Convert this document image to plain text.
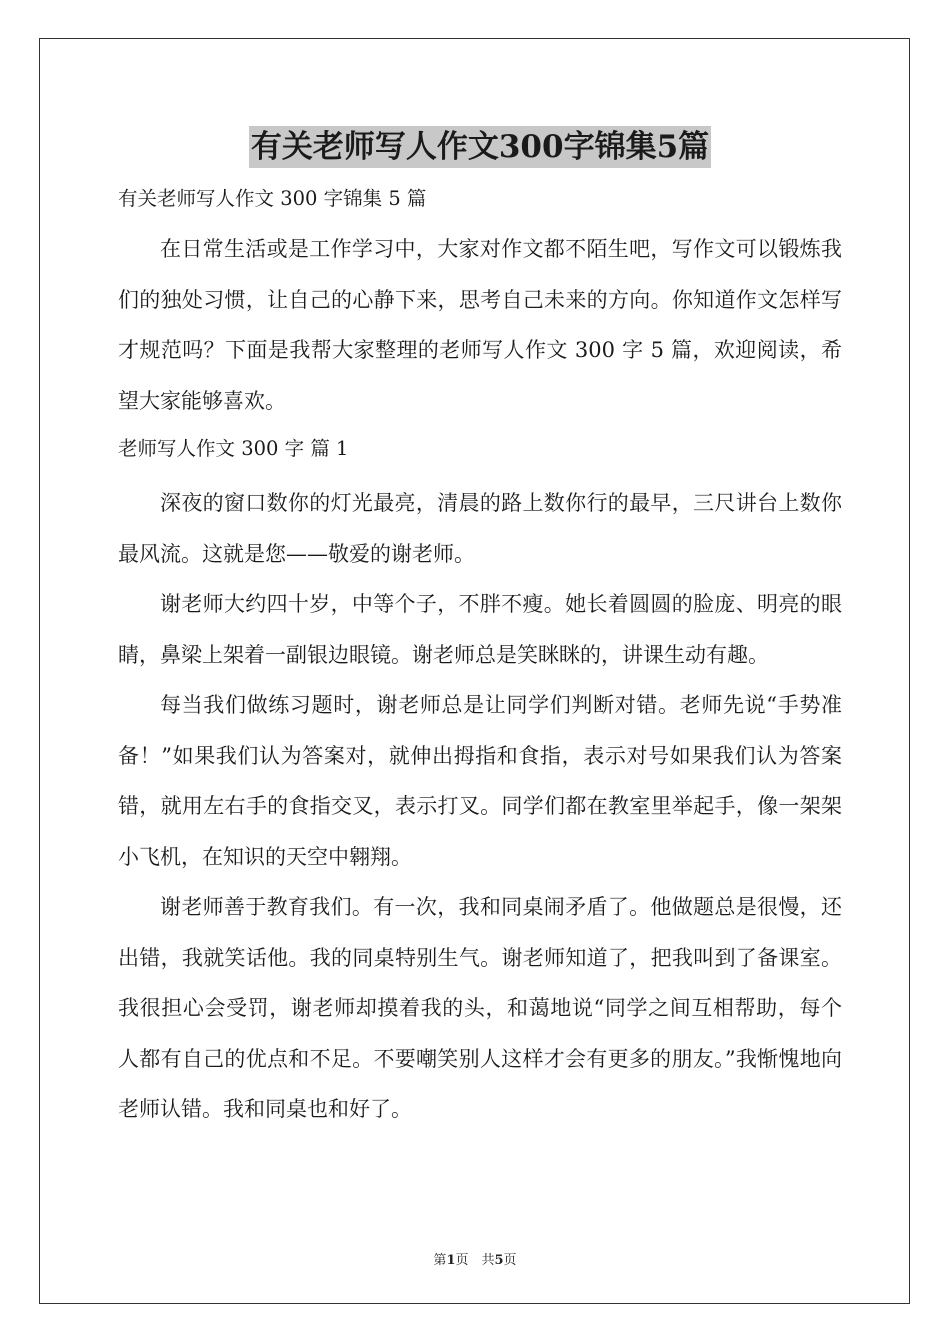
有关老师写人作文300字锦集5篇
有关老师写人作文 300 字锦集 5 篇

在日常生活或是工作学习中，大家对作文都不陌生吧，写作文可以锻炼我们的独处习惯，让自己的心静下来，思考自己未来的方向。你知道作文怎样写才规范吗？下面是我帮大家整理的老师写人作文 300 字 5 篇，欢迎阅读，希望大家能够喜欢。

老师写人作文 300 字 篇 1

深夜的窗口数你的灯光最亮，清晨的路上数你行的最早，三尺讲台上数你最风流。这就是您——敬爱的谢老师。

谢老师大约四十岁，中等个子，不胖不瘦。她长着圆圆的脸庞、明亮的眼睛，鼻梁上架着一副银边眼镜。谢老师总是笑眯眯的，讲课生动有趣。

每当我们做练习题时，谢老师总是让同学们判断对错。老师先说“手势准备！”如果我们认为答案对，就伸出拇指和食指，表示对号如果我们认为答案错，就用左右手的食指交叉，表示打叉。同学们都在教室里举起手，像一架架小飞机，在知识的天空中翱翔。

谢老师善于教育我们。有一次，我和同桌闹矛盾了。他做题总是很慢，还出错，我就笑话他。我的同桌特别生气。谢老师知道了，把我叫到了备课室。我很担心会受罚，谢老师却摸着我的头，和蔼地说“同学之间互相帮助，每个人都有自己的优点和不足。不要嘲笑别人这样才会有更多的朋友。”我惭愧地向老师认错。我和同桌也和好了。

第1页　共5页
